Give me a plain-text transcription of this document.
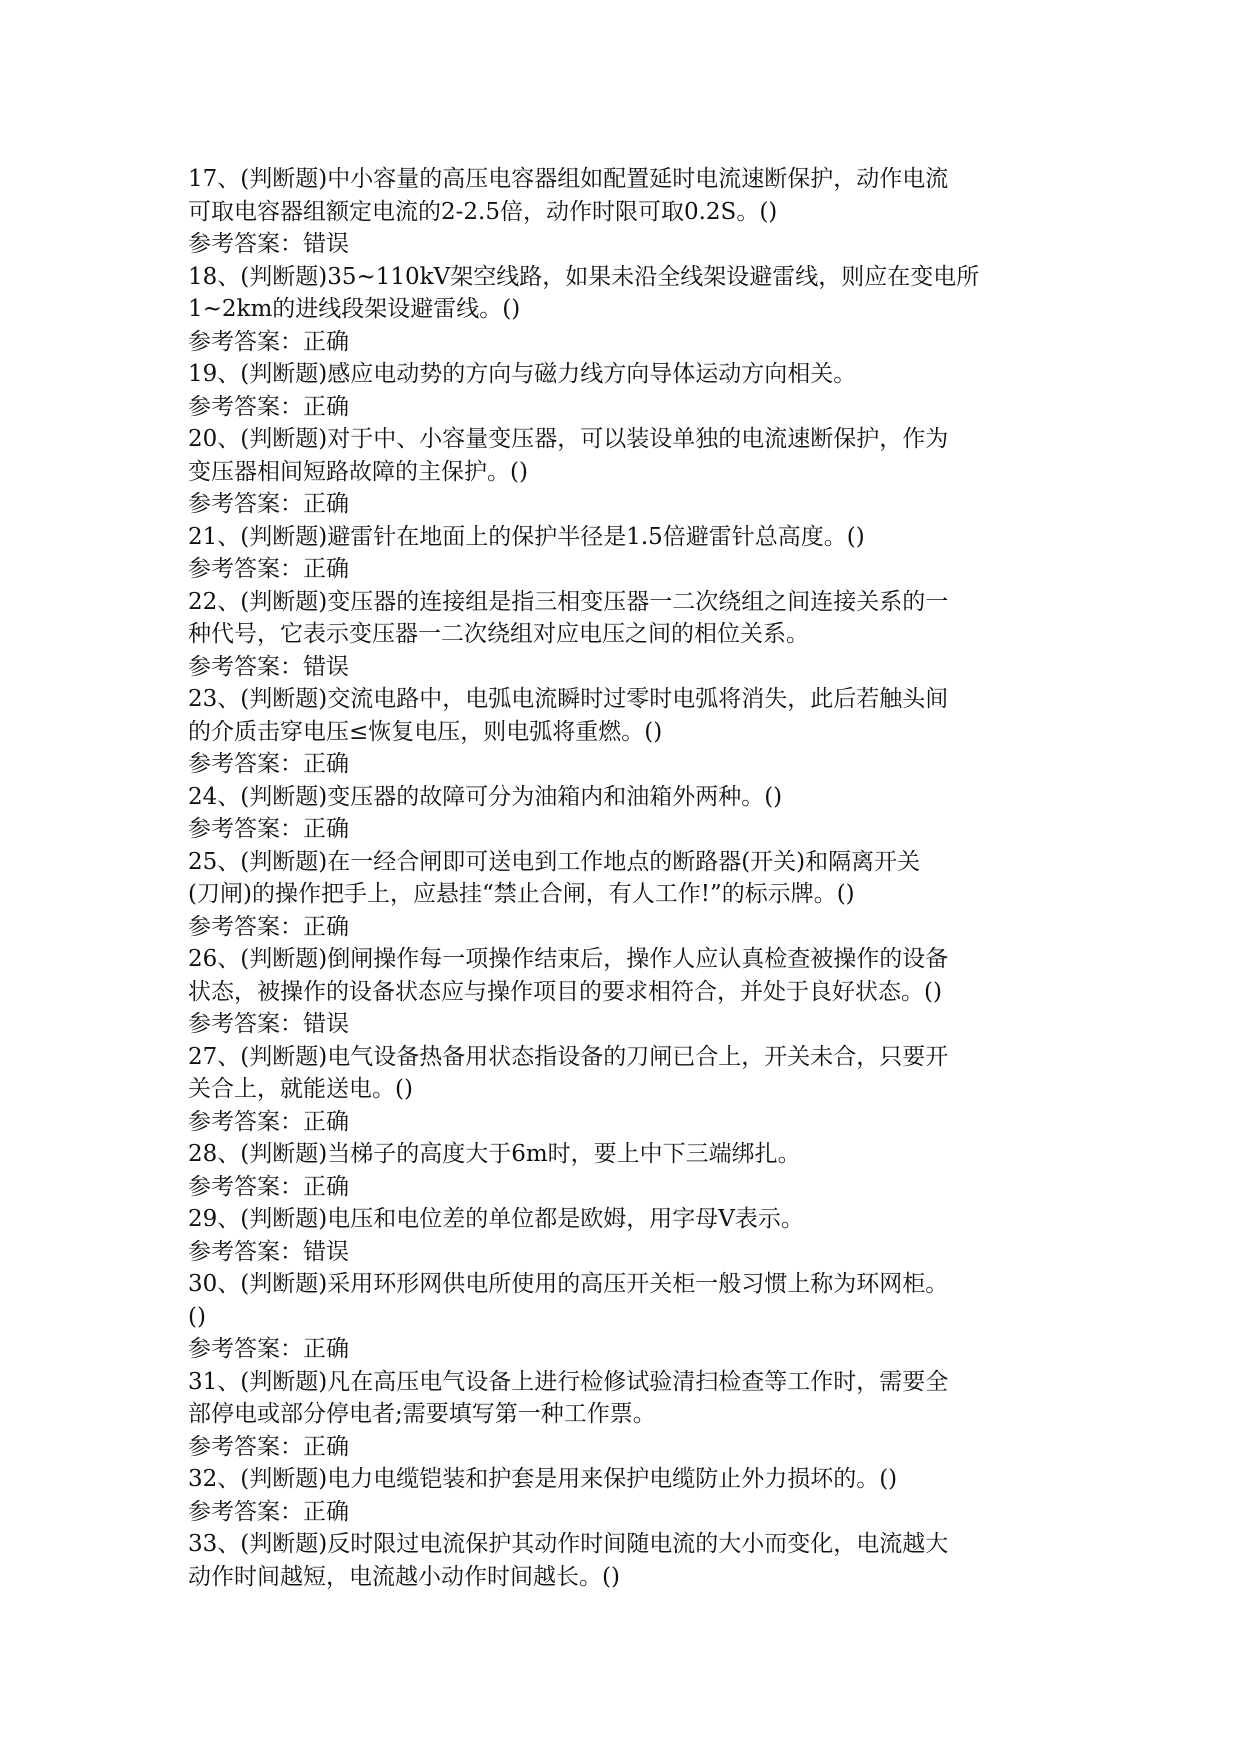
17、(判断题)中小容量的高压电容器组如配置延时电流速断保护，动作电流
可取电容器组额定电流的2-2.5倍，动作时限可取0.2S。()
参考答案：错误
18、(判断题)35~110kV架空线路，如果未沿全线架设避雷线，则应在变电所
1~2km的进线段架设避雷线。()
参考答案：正确
19、(判断题)感应电动势的方向与磁力线方向导体运动方向相关。
参考答案：正确
20、(判断题)对于中、小容量变压器，可以装设单独的电流速断保护，作为
变压器相间短路故障的主保护。()
参考答案：正确
21、(判断题)避雷针在地面上的保护半径是1.5倍避雷针总高度。()
参考答案：正确
22、(判断题)变压器的连接组是指三相变压器一二次绕组之间连接关系的一
种代号，它表示变压器一二次绕组对应电压之间的相位关系。
参考答案：错误
23、(判断题)交流电路中，电弧电流瞬时过零时电弧将消失，此后若触头间
的介质击穿电压≤恢复电压，则电弧将重燃。()
参考答案：正确
24、(判断题)变压器的故障可分为油箱内和油箱外两种。()
参考答案：正确
25、(判断题)在一经合闸即可送电到工作地点的断路器(开关)和隔离开关
(刀闸)的操作把手上，应悬挂“禁止合闸，有人工作!”的标示牌。()
参考答案：正确
26、(判断题)倒闸操作每一项操作结束后，操作人应认真检查被操作的设备
状态，被操作的设备状态应与操作项目的要求相符合，并处于良好状态。()
参考答案：错误
27、(判断题)电气设备热备用状态指设备的刀闸已合上，开关未合，只要开
关合上，就能送电。()
参考答案：正确
28、(判断题)当梯子的高度大于6m时，要上中下三端绑扎。
参考答案：正确
29、(判断题)电压和电位差的单位都是欧姆，用字母V表示。
参考答案：错误
30、(判断题)采用环形网供电所使用的高压开关柜一般习惯上称为环网柜。
()
参考答案：正确
31、(判断题)凡在高压电气设备上进行检修试验清扫检查等工作时，需要全
部停电或部分停电者;需要填写第一种工作票。
参考答案：正确
32、(判断题)电力电缆铠装和护套是用来保护电缆防止外力损坏的。()
参考答案：正确
33、(判断题)反时限过电流保护其动作时间随电流的大小而变化，电流越大
动作时间越短，电流越小动作时间越长。()
